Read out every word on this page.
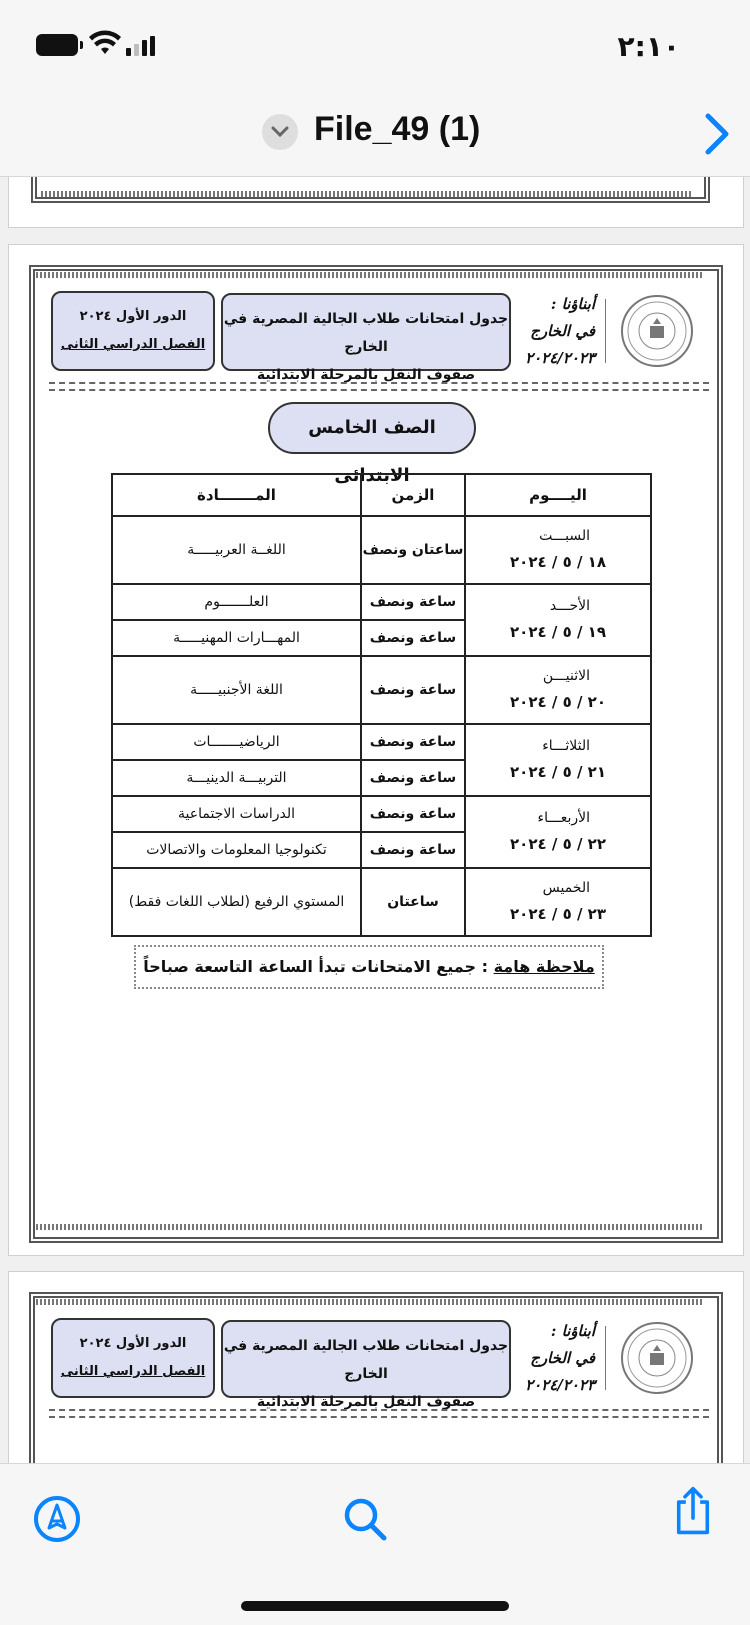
٢:١٠
File_49 (1)
أبناؤنا :
في الخارج
٢٠٢٤/٢٠٢٣
جدول امتحانات طلاب الجالية المصرية في الخارج
صفوف النقل بالمرحلة الابتدائية
الدور الأول ٢٠٢٤
الفصل الدراسي الثانى
أبناؤنا :
في الخارج
٢٠٢٤/٢٠٢٣
جدول امتحانات طلاب الجالية المصرية في الخارج
صفوف النقل بالمرحلة الابتدائية
الدور الأول ٢٠٢٤
الفصل الدراسي الثانى
الصف الخامس الابتدائى
اليــــوم	الزمن	المـــــــادة

السبـــت
١٨ / ٥ / ٢٠٢٤	ساعتان ونصف	اللغــة العربيـــــة

الأحـــد
١٩ / ٥ / ٢٠٢٤	ساعة ونصف	العلـــــــوم
	ساعة ونصف	المهـــارات المهنيـــــة

الاثنيـــن
٢٠ / ٥ / ٢٠٢٤	ساعة ونصف	اللغة الأجنبيـــــة

الثلاثـــاء
٢١ / ٥ / ٢٠٢٤	ساعة ونصف	الرياضيـــــــات
	ساعة ونصف	التربيـــة الدينيـــة

الأربعـــاء
٢٢ / ٥ / ٢٠٢٤	ساعة ونصف	الدراسات الاجتماعية
	ساعة ونصف	تكنولوجيا المعلومات والاتصالات

الخميس
٢٣ / ٥ / ٢٠٢٤	ساعتان	المستوي الرفيع (لطلاب اللغات فقط)
ملاحظة هامة : جميع الامتحانات تبدأ الساعة التاسعة صباحاً
